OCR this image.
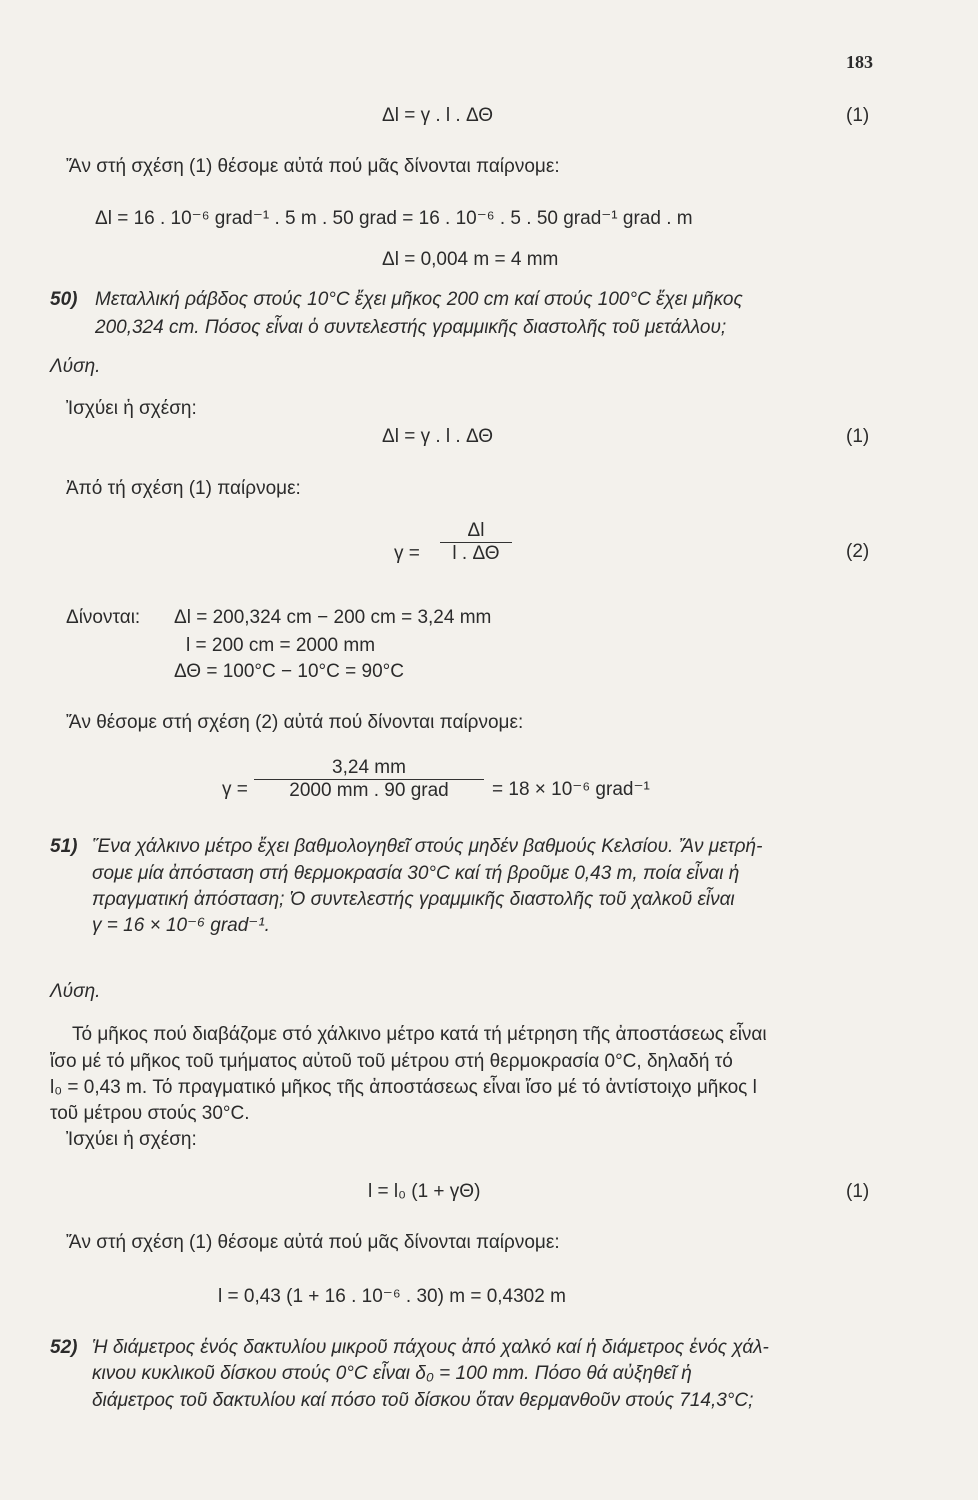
183
Δl = γ . l . ΔΘ	(1)
Ἄν στή σχέση (1) θέσομε αὐτά πού μᾶς δίνονται παίρνομε:
Δl = 16 . 10⁻⁶ grad⁻¹ . 5 m . 50 grad = 16 . 10⁻⁶ . 5 . 50 grad⁻¹ grad . m
Δl = 0,004 m = 4 mm
50) Μεταλλική ράβδος στούς 10°C ἔχει μῆκος 200 cm καί στούς 100°C ἔχει μῆκος
200,324 cm. Πόσος εἶναι ὁ συντελεστής γραμμικῆς διαστολῆς τοῦ μετάλλου;
Λύση.
Ἰσχύει ἡ σχέση:
Δl = γ . l . ΔΘ	(1)
Ἀπό τή σχέση (1) παίρνομε:
γ =
Δl
l . ΔΘ	(2)
Δίνονται: Δl = 200,324 cm − 200 cm = 3,24 mm
l = 200 cm = 2000 mm
ΔΘ = 100°C − 10°C = 90°C
Ἄν θέσομε στή σχέση (2) αὐτά πού δίνονται παίρνομε:
γ =
3,24 mm
2000 mm . 90 grad	= 18 × 10⁻⁶ grad⁻¹
51) Ἕνα χάλκινο μέτρο ἔχει βαθμολογηθεῖ στούς μηδέν βαθμούς Κελσίου. Ἄν μετρή-
σομε μία ἀπόσταση στή θερμοκρασία 30°C καί τή βροῦμε 0,43 m, ποία εἶναι ἡ
πραγματική ἀπόσταση; Ὁ συντελεστής γραμμικῆς διαστολῆς τοῦ χαλκοῦ εἶναι
γ = 16 × 10⁻⁶ grad⁻¹.
Λύση.
Τό μῆκος πού διαβάζομε στό χάλκινο μέτρο κατά τή μέτρηση τῆς ἀποστάσεως εἶναι
ἴσο μέ τό μῆκος τοῦ τμήματος αὐτοῦ τοῦ μέτρου στή θερμοκρασία 0°C, δηλαδή τό
l₀ = 0,43 m. Τό πραγματικό μῆκος τῆς ἀποστάσεως εἶναι ἴσο μέ τό ἀντίστοιχο μῆκος l
τοῦ μέτρου στούς 30°C.
Ἰσχύει ἡ σχέση:
l = l₀ (1 + γΘ)	(1)
Ἄν στή σχέση (1) θέσομε αὐτά πού μᾶς δίνονται παίρνομε:
l = 0,43 (1 + 16 . 10⁻⁶ . 30) m = 0,4302 m
52) Ἡ διάμετρος ἑνός δακτυλίου μικροῦ πάχους ἀπό χαλκό καί ἡ διάμετρος ἑνός χάλ-
κινου κυκλικοῦ δίσκου στούς 0°C εἶναι δ₀ = 100 mm. Πόσο θά αὐξηθεῖ ἡ
διάμετρος τοῦ δακτυλίου καί πόσο τοῦ δίσκου ὅταν θερμανθοῦν στούς 714,3°C;
